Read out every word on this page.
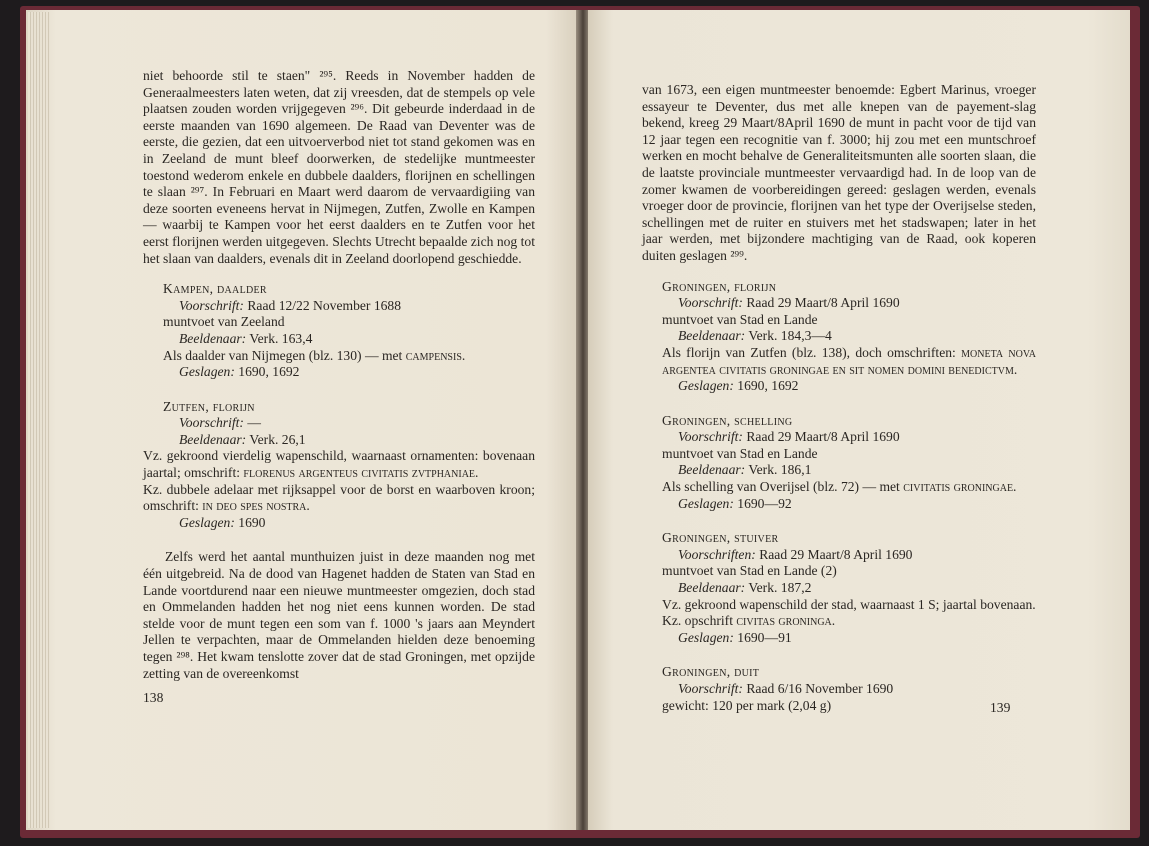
niet behoorde stil te staen" ²⁹⁵. Reeds in November hadden de Generaalmeesters laten weten, dat zij vreesden, dat de stempels op vele plaatsen zouden worden vrijgegeven ²⁹⁶. Dit gebeurde inderdaad in de eerste maanden van 1690 algemeen. De Raad van Deventer was de eerste, die gezien, dat een uitvoerverbod niet tot stand gekomen was en in Zeeland de munt bleef doorwerken, de stedelijke muntmeester toestond wederom enkele en dubbele daalders, florijnen en schellingen te slaan ²⁹⁷. In Februari en Maart werd daarom de vervaardigiing van deze soorten eveneens hervat in Nijmegen, Zutfen, Zwolle en Kampen — waarbij te Kampen voor het eerst daalders en te Zutfen voor het eerst florijnen werden uitgegeven. Slechts Utrecht bepaalde zich nog tot het slaan van daalders, evenals dit in Zeeland doorlopend geschiedde.

Kampen, daalder
Voorschrift: Raad 12/22 November 1688
muntvoet van Zeeland
Beeldenaar: Verk. 163,4
Als daalder van Nijmegen (blz. 130) — met campensis.
Geslagen: 1690, 1692
Zutfen, florijn
Voorschrift: —
Beeldenaar: Verk. 26,1

Vz. gekroond vierdelig wapenschild, waarnaast ornamenten: bovenaan jaartal; omschrift: florenus argenteus civitatis zvtphaniae.

Kz. dubbele adelaar met rijksappel voor de borst en waarboven kroon; omschrift: in deo spes nostra.

Geslagen: 1690

Zelfs werd het aantal munthuizen juist in deze maanden nog met één uitgebreid. Na de dood van Hagenet hadden de Staten van Stad en Lande voortdurend naar een nieuwe muntmeester omgezien, doch stad en Ommelanden hadden het nog niet eens kunnen worden. De stad stelde voor de munt tegen een som van f. 1000 's jaars aan Meyndert Jellen te verpachten, maar de Ommelanden hielden deze benoeming tegen ²⁹⁸. Het kwam tenslotte zover dat de stad Groningen, met opzijde zetting van de overeenkomst

138

van 1673, een eigen muntmeester benoemde: Egbert Marinus, vroeger essayeur te Deventer, dus met alle knepen van de payement-slag bekend, kreeg 29 Maart/8April 1690 de munt in pacht voor de tijd van 12 jaar tegen een recognitie van f. 3000; hij zou met een muntschroef werken en mocht behalve de Generaliteitsmunten alle soorten slaan, die de laatste provinciale muntmeester vervaardigd had. In de loop van de zomer kwamen de voorbereidingen gereed: geslagen werden, evenals vroeger door de provincie, florijnen van het type der Overijselse steden, schellingen met de ruiter en stuivers met het stadswapen; later in het jaar werden, met bijzondere machtiging van de Raad, ook koperen duiten geslagen ²⁹⁹.

Groningen, florijn
Voorschrift: Raad 29 Maart/8 April 1690
muntvoet van Stad en Lande
Beeldenaar: Verk. 184,3—4

Als florijn van Zutfen (blz. 138), doch omschriften: moneta nova argentea civitatis groningae en sit nomen domini benedictvm.

Geslagen: 1690, 1692
Groningen, schelling
Voorschrift: Raad 29 Maart/8 April 1690
muntvoet van Stad en Lande
Beeldenaar: Verk. 186,1
Als schelling van Overijsel (blz. 72) — met civitatis groningae.
Geslagen: 1690—92
Groningen, stuiver
Voorschriften: Raad 29 Maart/8 April 1690
muntvoet van Stad en Lande (2)
Beeldenaar: Verk. 187,2

Vz. gekroond wapenschild der stad, waarnaast 1 S; jaartal bovenaan.

Kz. opschrift civitas groninga.
Geslagen: 1690—91
Groningen, duit
Voorschrift: Raad 6/16 November 1690
gewicht: 120 per mark (2,04 g)	139
